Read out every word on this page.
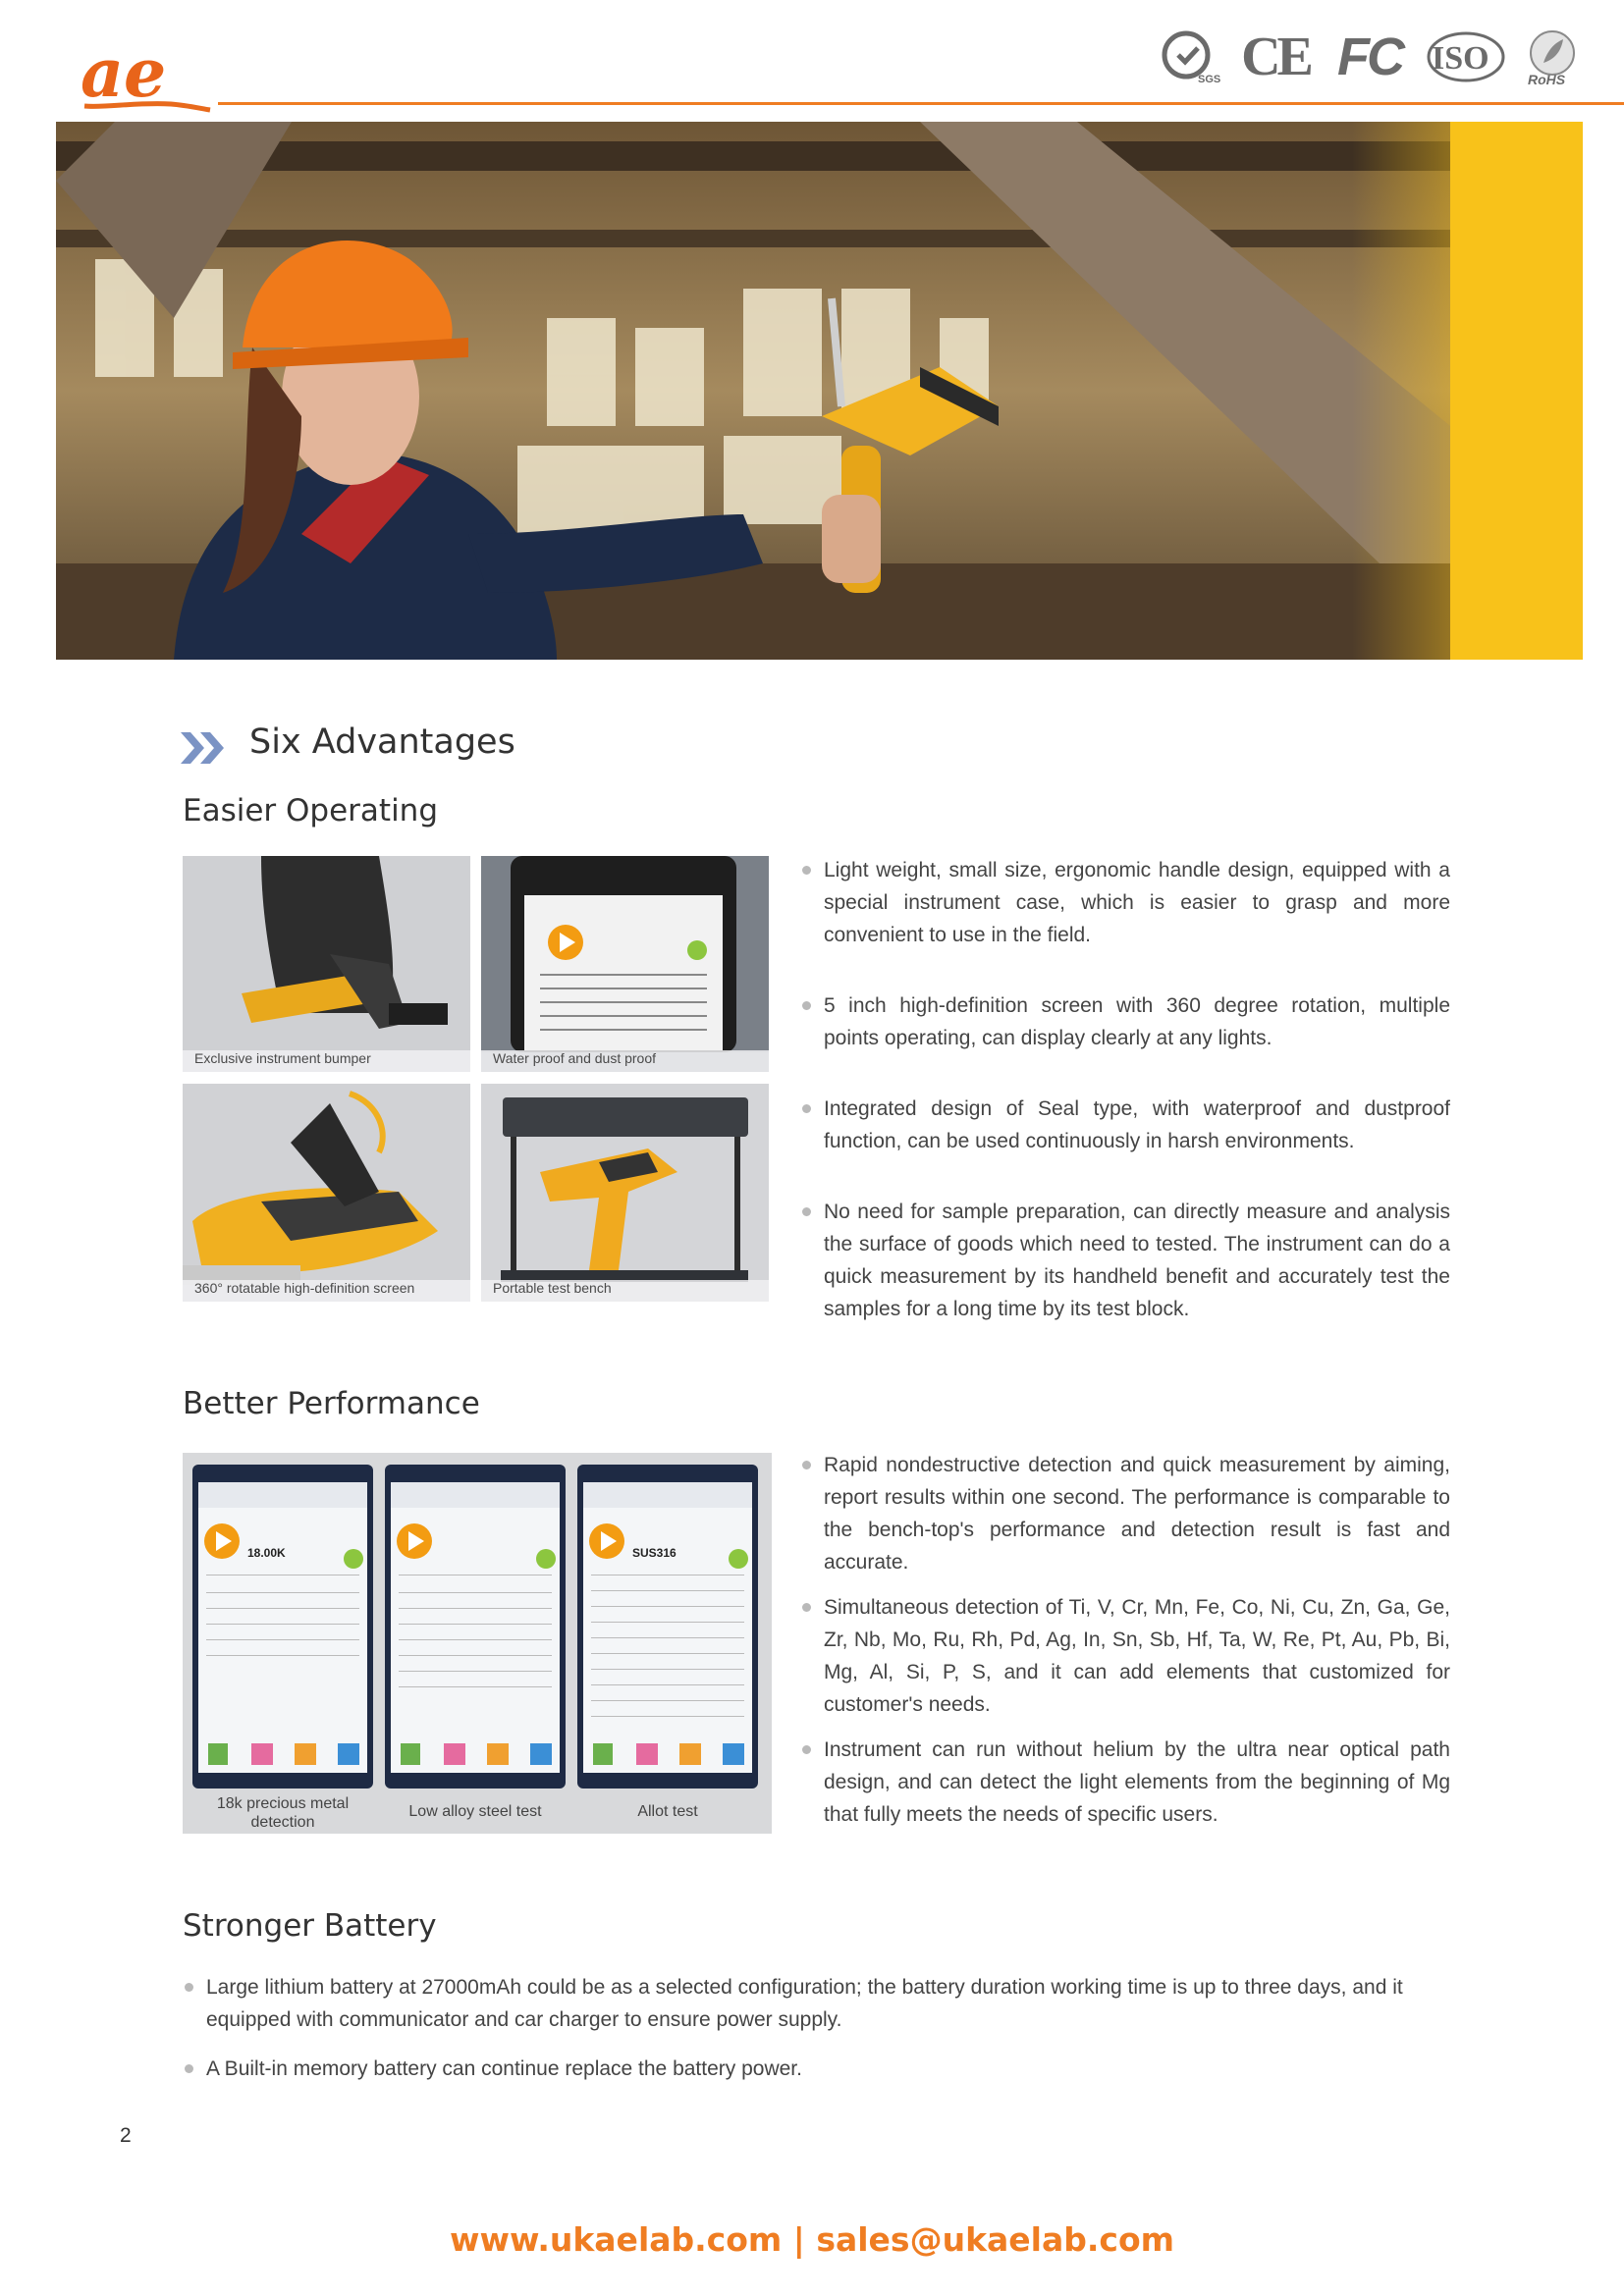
ae	SGS CE FC ISO
RoHS
Six Advantages
Easier Operating
Exclusive instrument bumper	Water proof and dust proof
360° rotatable high-definition screen	Portable test bench
Light weight, small size, ergonomic handle design, equipped with a special instrument case, which is easier to grasp and more convenient to use in the field.
5 inch high-definition screen with 360 degree rotation, multiple points operating, can display clearly at any lights.
Integrated design of Seal type, with waterproof and dustproof function, can be used continuously in harsh environments.
No need for sample preparation, can directly measure and analysis the surface of goods which need to tested. The instrument can do a quick measurement by its handheld benefit and accurately test the samples for a long time by its test block.
Better Performance
18.00K	SUS316
18k precious metal
detection
Low alloy steel test	Allot test
Rapid nondestructive detection and quick measurement by aiming, report results within one second. The performance is comparable to the bench-top's performance and detection result is fast and accurate.
Simultaneous detection of Ti, V, Cr, Mn, Fe, Co, Ni, Cu, Zn, Ga, Ge, Zr, Nb, Mo, Ru, Rh, Pd, Ag, In, Sn, Sb, Hf, Ta, W, Re, Pt, Au, Pb, Bi, Mg, Al, Si, P, S, and it can add elements that customized for customer's needs.
Instrument can run without helium by the ultra near optical path design, and can detect the light elements from the beginning of Mg that fully meets the needs of specific users.
Stronger Battery
Large lithium battery at 27000mAh could be as a selected configuration; the battery duration working time is up to three days, and it equipped with communicator and car charger to ensure power supply.
A Built-in memory battery can continue replace the battery power.
2
www.ukaelab.com | sales@ukaelab.com
